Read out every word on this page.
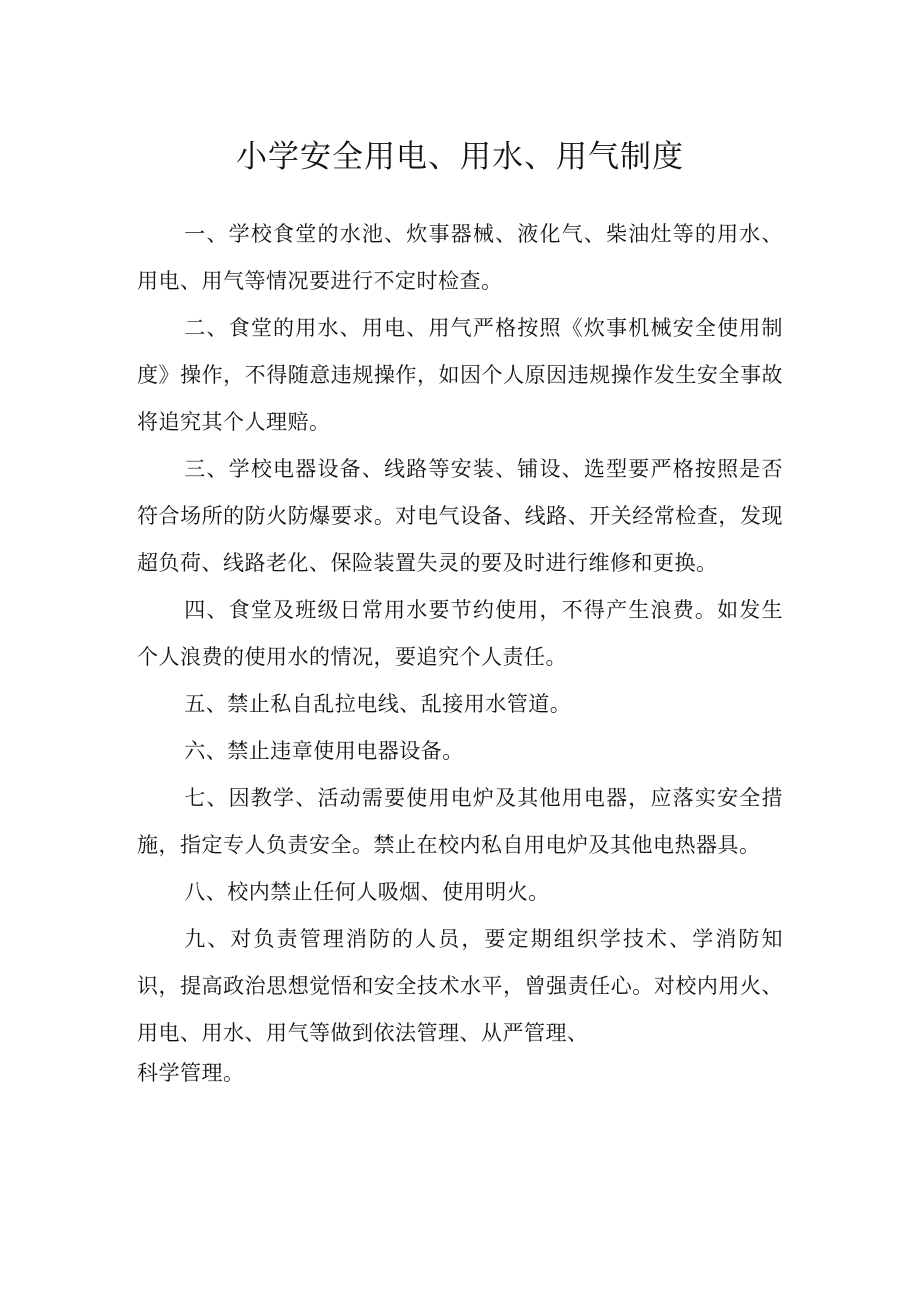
小学安全用电、用水、用气制度

一、学校食堂的水池、炊事器械、液化气、柴油灶等的用水、用电、用气等情况要进行不定时检查。

二、食堂的用水、用电、用气严格按照《炊事机械安全使用制度》操作，不得随意违规操作，如因个人原因违规操作发生安全事故将追究其个人理赔。

三、学校电器设备、线路等安装、铺设、选型要严格按照是否符合场所的防火防爆要求。对电气设备、线路、开关经常检查，发现超负荷、线路老化、保险装置失灵的要及时进行维修和更换。

四、食堂及班级日常用水要节约使用，不得产生浪费。如发生个人浪费的使用水的情况，要追究个人责任。

五、禁止私自乱拉电线、乱接用水管道。

六、禁止违章使用电器设备。

七、因教学、活动需要使用电炉及其他用电器，应落实安全措施，指定专人负责安全。禁止在校内私自用电炉及其他电热器具。

八、校内禁止任何人吸烟、使用明火。

九、对负责管理消防的人员，要定期组织学技术、学消防知识，提高政治思想觉悟和安全技术水平，曾强责任心。对校内用火、用电、用水、用气等做到依法管理、从严管理、

科学管理。
